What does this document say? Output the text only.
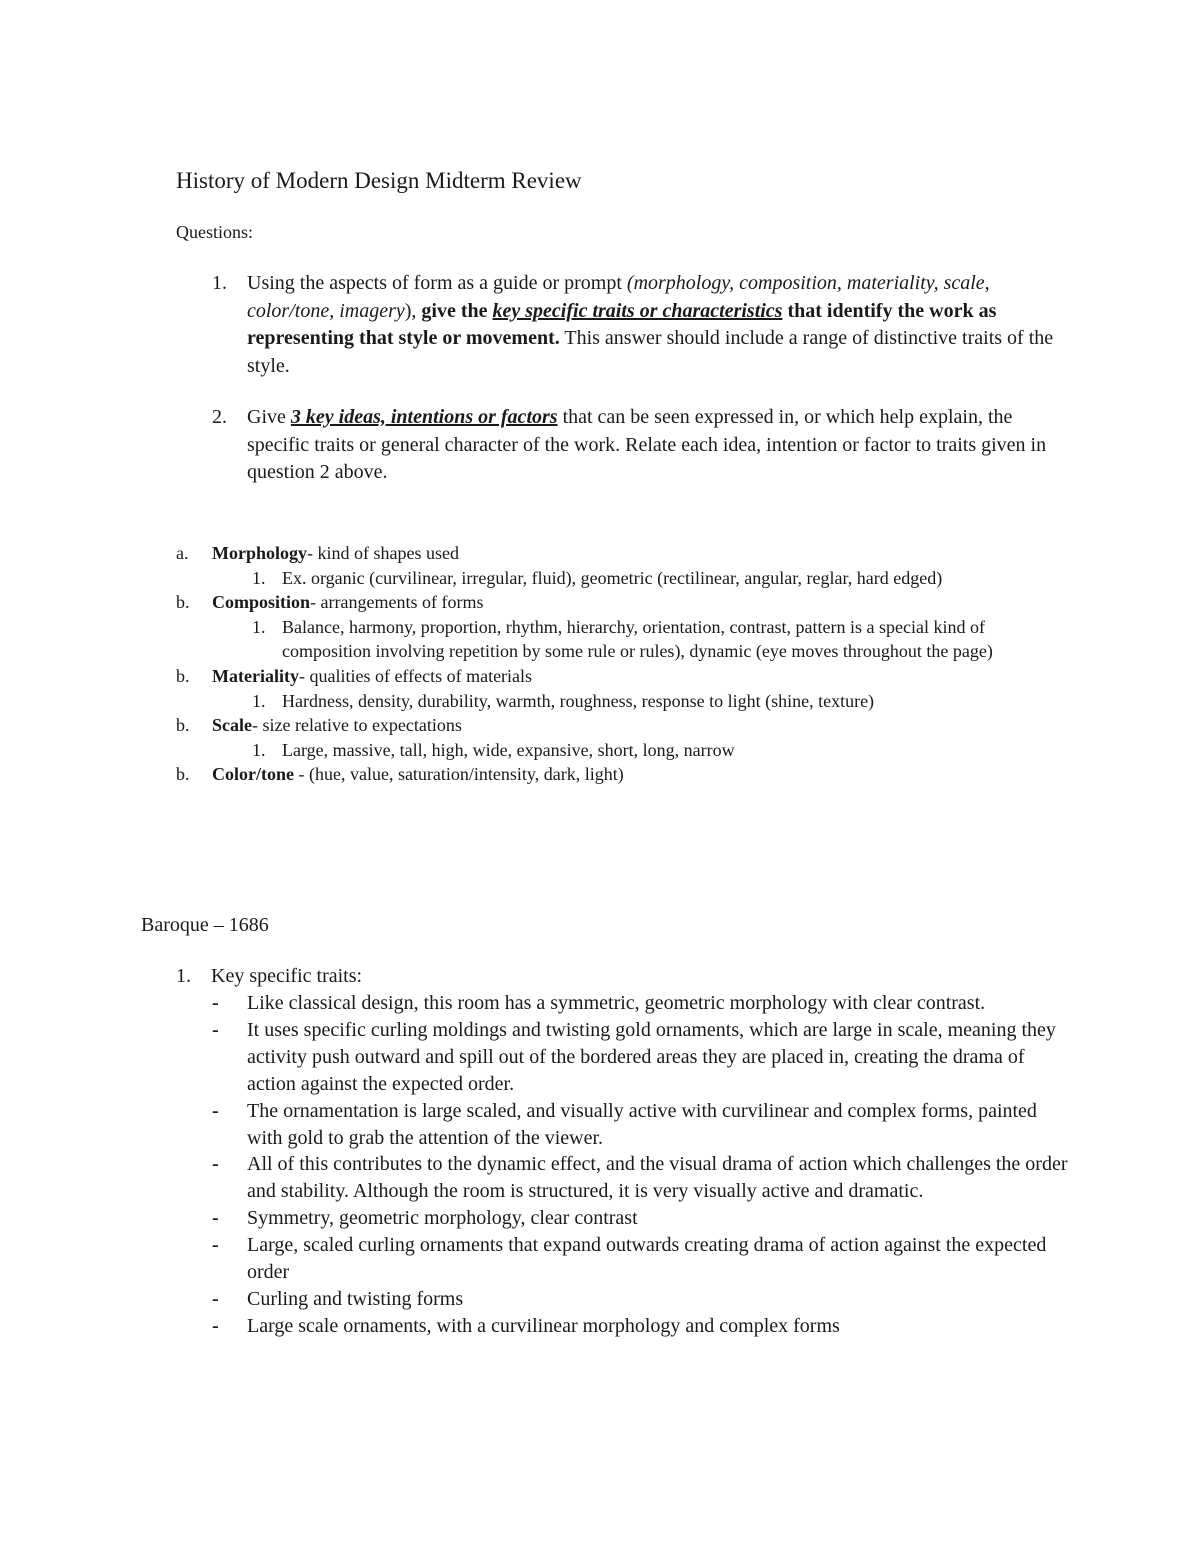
History of Modern Design Midterm Review
Questions:
1. Using the aspects of form as a guide or prompt (morphology, composition, materiality, scale, color/tone, imagery), give the key specific traits or characteristics that identify the work as representing that style or movement. This answer should include a range of distinctive traits of the style.
2. Give 3 key ideas, intentions or factors that can be seen expressed in, or which help explain, the specific traits or general character of the work. Relate each idea, intention or factor to traits given in question 2 above.
a. Morphology- kind of shapes used
1. Ex. organic (curvilinear, irregular, fluid), geometric (rectilinear, angular, reglar, hard edged)
b. Composition- arrangements of forms
1. Balance, harmony, proportion, rhythm, hierarchy, orientation, contrast, pattern is a special kind of composition involving repetition by some rule or rules), dynamic (eye moves throughout the page)
b. Materiality- qualities of effects of materials
1. Hardness, density, durability, warmth, roughness, response to light (shine, texture)
b. Scale- size relative to expectations
1. Large, massive, tall, high, wide, expansive, short, long, narrow
b. Color/tone - (hue, value, saturation/intensity, dark, light)
Baroque – 1686
1. Key specific traits:
- Like classical design, this room has a symmetric, geometric morphology with clear contrast.
- It uses specific curling moldings and twisting gold ornaments, which are large in scale, meaning they activity push outward and spill out of the bordered areas they are placed in, creating the drama of action against the expected order.
- The ornamentation is large scaled, and visually active with curvilinear and complex forms, painted with gold to grab the attention of the viewer.
- All of this contributes to the dynamic effect, and the visual drama of action which challenges the order and stability. Although the room is structured, it is very visually active and dramatic.
- Symmetry, geometric morphology, clear contrast
- Large, scaled curling ornaments that expand outwards creating drama of action against the expected order
- Curling and twisting forms
- Large scale ornaments, with a curvilinear morphology and complex forms
